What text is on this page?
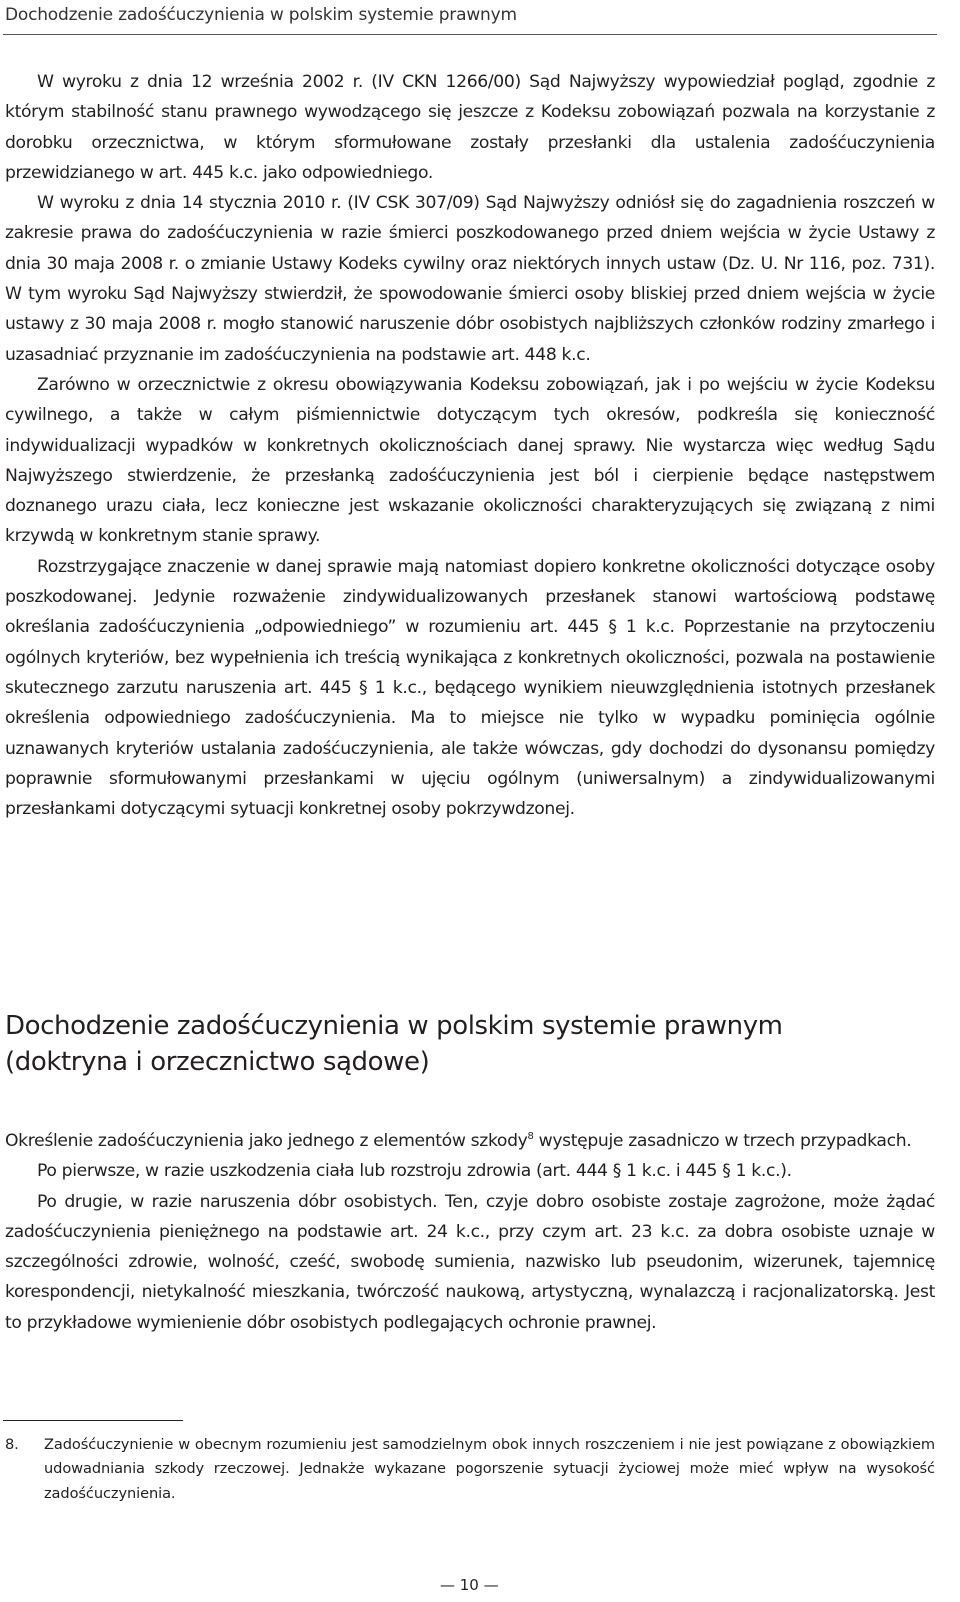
Dochodzenie zadośćuczynienia w polskim systemie prawnym

W wyroku z dnia 12 września 2002 r. (IV CKN 1266/00) Sąd Najwyższy wypowiedział pogląd, zgodnie z którym stabilność stanu prawnego wywodzącego się jeszcze z Kodeksu zobowiązań pozwala na korzystanie z dorobku orzecznictwa, w którym sformułowane zostały przesłanki dla ustalenia zadośćuczynienia przewidzianego w art. 445 k.c. jako odpowiedniego.

W wyroku z dnia 14 stycznia 2010 r. (IV CSK 307/09) Sąd Najwyższy odniósł się do zagadnienia roszczeń w zakresie prawa do zadośćuczynienia w razie śmierci poszkodowanego przed dniem wejścia w życie Ustawy z dnia 30 maja 2008 r. o zmianie Ustawy Kodeks cywilny oraz niektórych innych ustaw (Dz. U. Nr 116, poz. 731). W tym wyroku Sąd Najwyższy stwierdził, że spowodowanie śmierci osoby bliskiej przed dniem wejścia w życie ustawy z 30 maja 2008 r. mogło stanowić naruszenie dóbr osobistych najbliższych członków rodziny zmarłego i uzasadniać przyznanie im zadośćuczynienia na podstawie art. 448 k.c.

Zarówno w orzecznictwie z okresu obowiązywania Kodeksu zobowiązań, jak i po wejściu w życie Kodeksu cywilnego, a także w całym piśmiennictwie dotyczącym tych okresów, podkreśla się konieczność indywidualizacji wypadków w konkretnych okolicznościach danej sprawy. Nie wystarcza więc według Sądu Najwyższego stwierdzenie, że przesłanką zadośćuczynienia jest ból i cierpienie będące następstwem doznanego urazu ciała, lecz konieczne jest wskazanie okoliczności charakteryzujących się związaną z nimi krzywdą w konkretnym stanie sprawy.

Rozstrzygające znaczenie w danej sprawie mają natomiast dopiero konkretne okoliczności dotyczące osoby poszkodowanej. Jedynie rozważenie zindywidualizowanych przesłanek stanowi wartościową podstawę określania zadośćuczynienia „odpowiedniego” w rozumieniu art. 445 § 1 k.c. Poprzestanie na przytoczeniu ogólnych kryteriów, bez wypełnienia ich treścią wynikająca z konkretnych okoliczności, pozwala na postawienie skutecznego zarzutu naruszenia art. 445 § 1 k.c., będącego wynikiem nieuwzględnienia istotnych przesłanek określenia odpowiedniego zadośćuczynienia. Ma to miejsce nie tylko w wypadku pominięcia ogólnie uznawanych kryteriów ustalania zadośćuczynienia, ale także wówczas, gdy dochodzi do dysonansu pomiędzy poprawnie sformułowanymi przesłankami w ujęciu ogólnym (uniwersalnym) a zindywidualizowanymi przesłankami dotyczącymi sytuacji konkretnej osoby pokrzywdzonej.

Dochodzenie zadośćuczynienia w polskim systemie prawnym
(doktryna i orzecznictwo sądowe)

Określenie zadośćuczynienia jako jednego z elementów szkody$^8$ występuje zasadniczo w trzech przypadkach.

Po pierwsze, w razie uszkodzenia ciała lub rozstroju zdrowia (art. 444 § 1 k.c. i 445 § 1 k.c.).

Po drugie, w razie naruszenia dóbr osobistych. Ten, czyje dobro osobiste zostaje zagrożone, może żądać zadośćuczynienia pieniężnego na podstawie art. 24 k.c., przy czym art. 23 k.c. za dobra osobiste uznaje w szczególności zdrowie, wolność, cześć, swobodę sumienia, nazwisko lub pseudonim, wizerunek, tajemnicę korespondencji, nietykalność mieszkania, twórczość naukową, artystyczną, wynalazczą i racjonalizatorską. Jest to przykładowe wymienienie dóbr osobistych podlegających ochronie prawnej.

8.	Zadośćuczynienie w obecnym rozumieniu jest samodzielnym obok innych roszczeniem i nie jest powiązane z obowiązkiem udowadniania szkody rzeczowej. Jednakże wykazane pogorszenie sytuacji życiowej może mieć wpływ na wysokość zadośćuczynienia.
— 10 —
